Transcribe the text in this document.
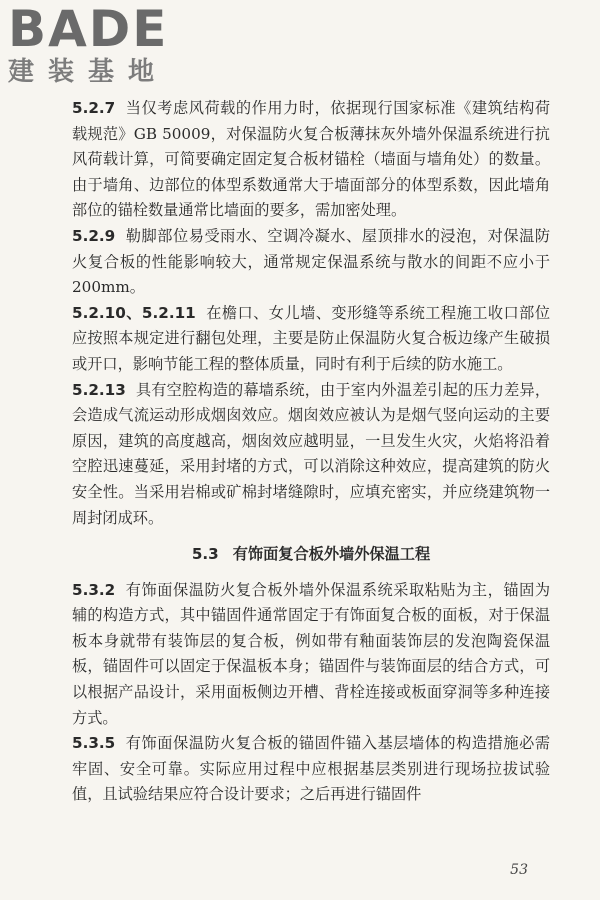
BADE
建装基地

5.2.7 当仅考虑风荷载的作用力时，依据现行国家标准《建筑结构荷载规范》GB 50009，对保温防火复合板薄抹灰外墙外保温系统进行抗风荷载计算，可简要确定固定复合板材锚栓（墙面与墙角处）的数量。由于墙角、边部位的体型系数通常大于墙面部分的体型系数，因此墙角部位的锚栓数量通常比墙面的要多，需加密处理。

5.2.9 勒脚部位易受雨水、空调冷凝水、屋顶排水的浸泡，对保温防火复合板的性能影响较大，通常规定保温系统与散水的间距不应小于 200mm。

5.2.10、5.2.11 在檐口、女儿墙、变形缝等系统工程施工收口部位应按照本规定进行翻包处理，主要是防止保温防火复合板边缘产生破损或开口，影响节能工程的整体质量，同时有利于后续的防水施工。

5.2.13 具有空腔构造的幕墙系统，由于室内外温差引起的压力差异，会造成气流运动形成烟囱效应。烟囱效应被认为是烟气竖向运动的主要原因，建筑的高度越高，烟囱效应越明显，一旦发生火灾，火焰将沿着空腔迅速蔓延，采用封堵的方式，可以消除这种效应，提高建筑的防火安全性。当采用岩棉或矿棉封堵缝隙时，应填充密实，并应绕建筑物一周封闭成环。

5.3 有饰面复合板外墙外保温工程

5.3.2 有饰面保温防火复合板外墙外保温系统采取粘贴为主，锚固为辅的构造方式，其中锚固件通常固定于有饰面复合板的面板，对于保温板本身就带有装饰层的复合板，例如带有釉面装饰层的发泡陶瓷保温板，锚固件可以固定于保温板本身；锚固件与装饰面层的结合方式，可以根据产品设计，采用面板侧边开槽、背栓连接或板面穿洞等多种连接方式。

5.3.5 有饰面保温防火复合板的锚固件锚入基层墙体的构造措施必需牢固、安全可靠。实际应用过程中应根据基层类别进行现场拉拔试验值，且试验结果应符合设计要求；之后再进行锚固件

53
